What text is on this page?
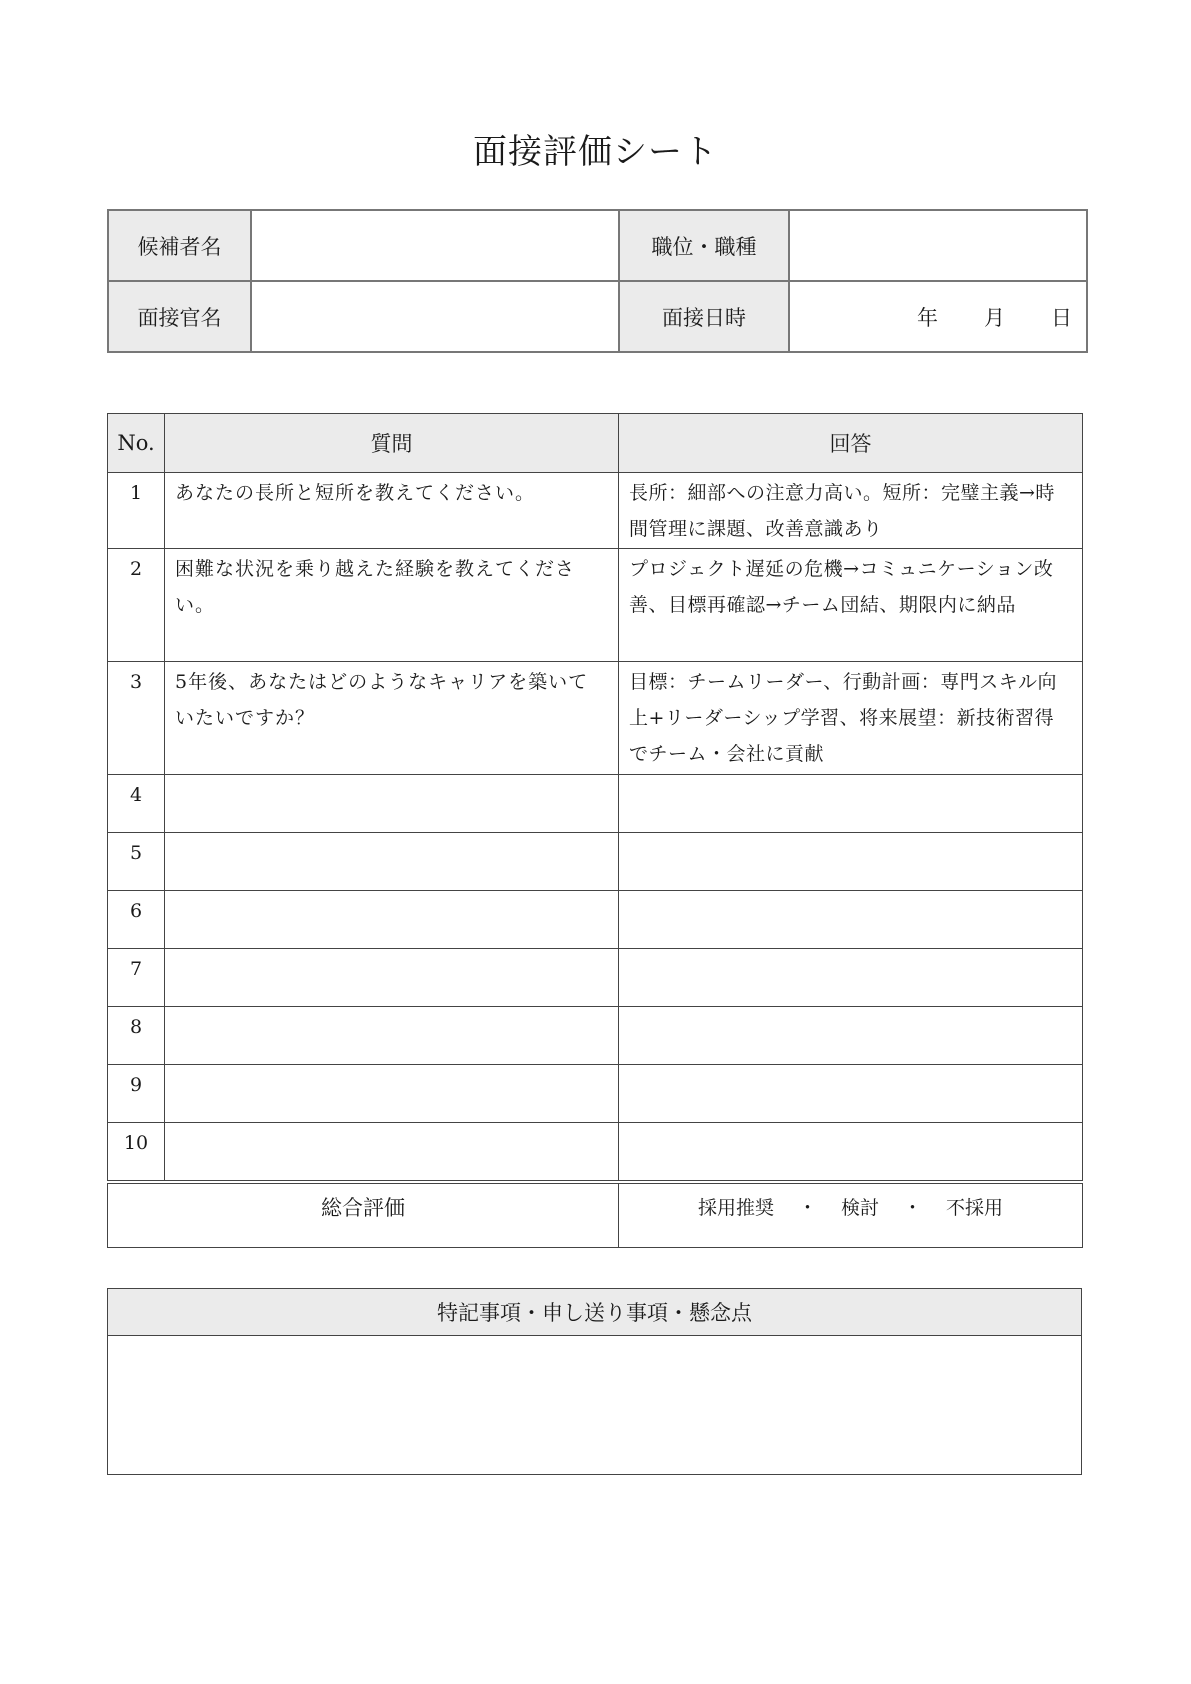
面接評価シート
候補者名		職位・職種	
面接官名		面接日時	年 月 日
No.	質問	回答
1	あなたの長所と短所を教えてください。	長所：細部への注意力高い。短所：完璧主義→時間管理に課題、改善意識あり
2	困難な状況を乗り越えた経験を教えてください。	プロジェクト遅延の危機→コミュニケーション改善、目標再確認→チーム団結、期限内に納品
3	5年後、あなたはどのようなキャリアを築いていたいですか？	目標：チームリーダー、行動計画：専門スキル向上+リーダーシップ学習、将来展望：新技術習得でチーム・会社に貢献
4		
5		
6		
7		
8		
9		
10		
総合評価		採用推奨 ・ 検討 ・ 不採用
特記事項・申し送り事項・懸念点
